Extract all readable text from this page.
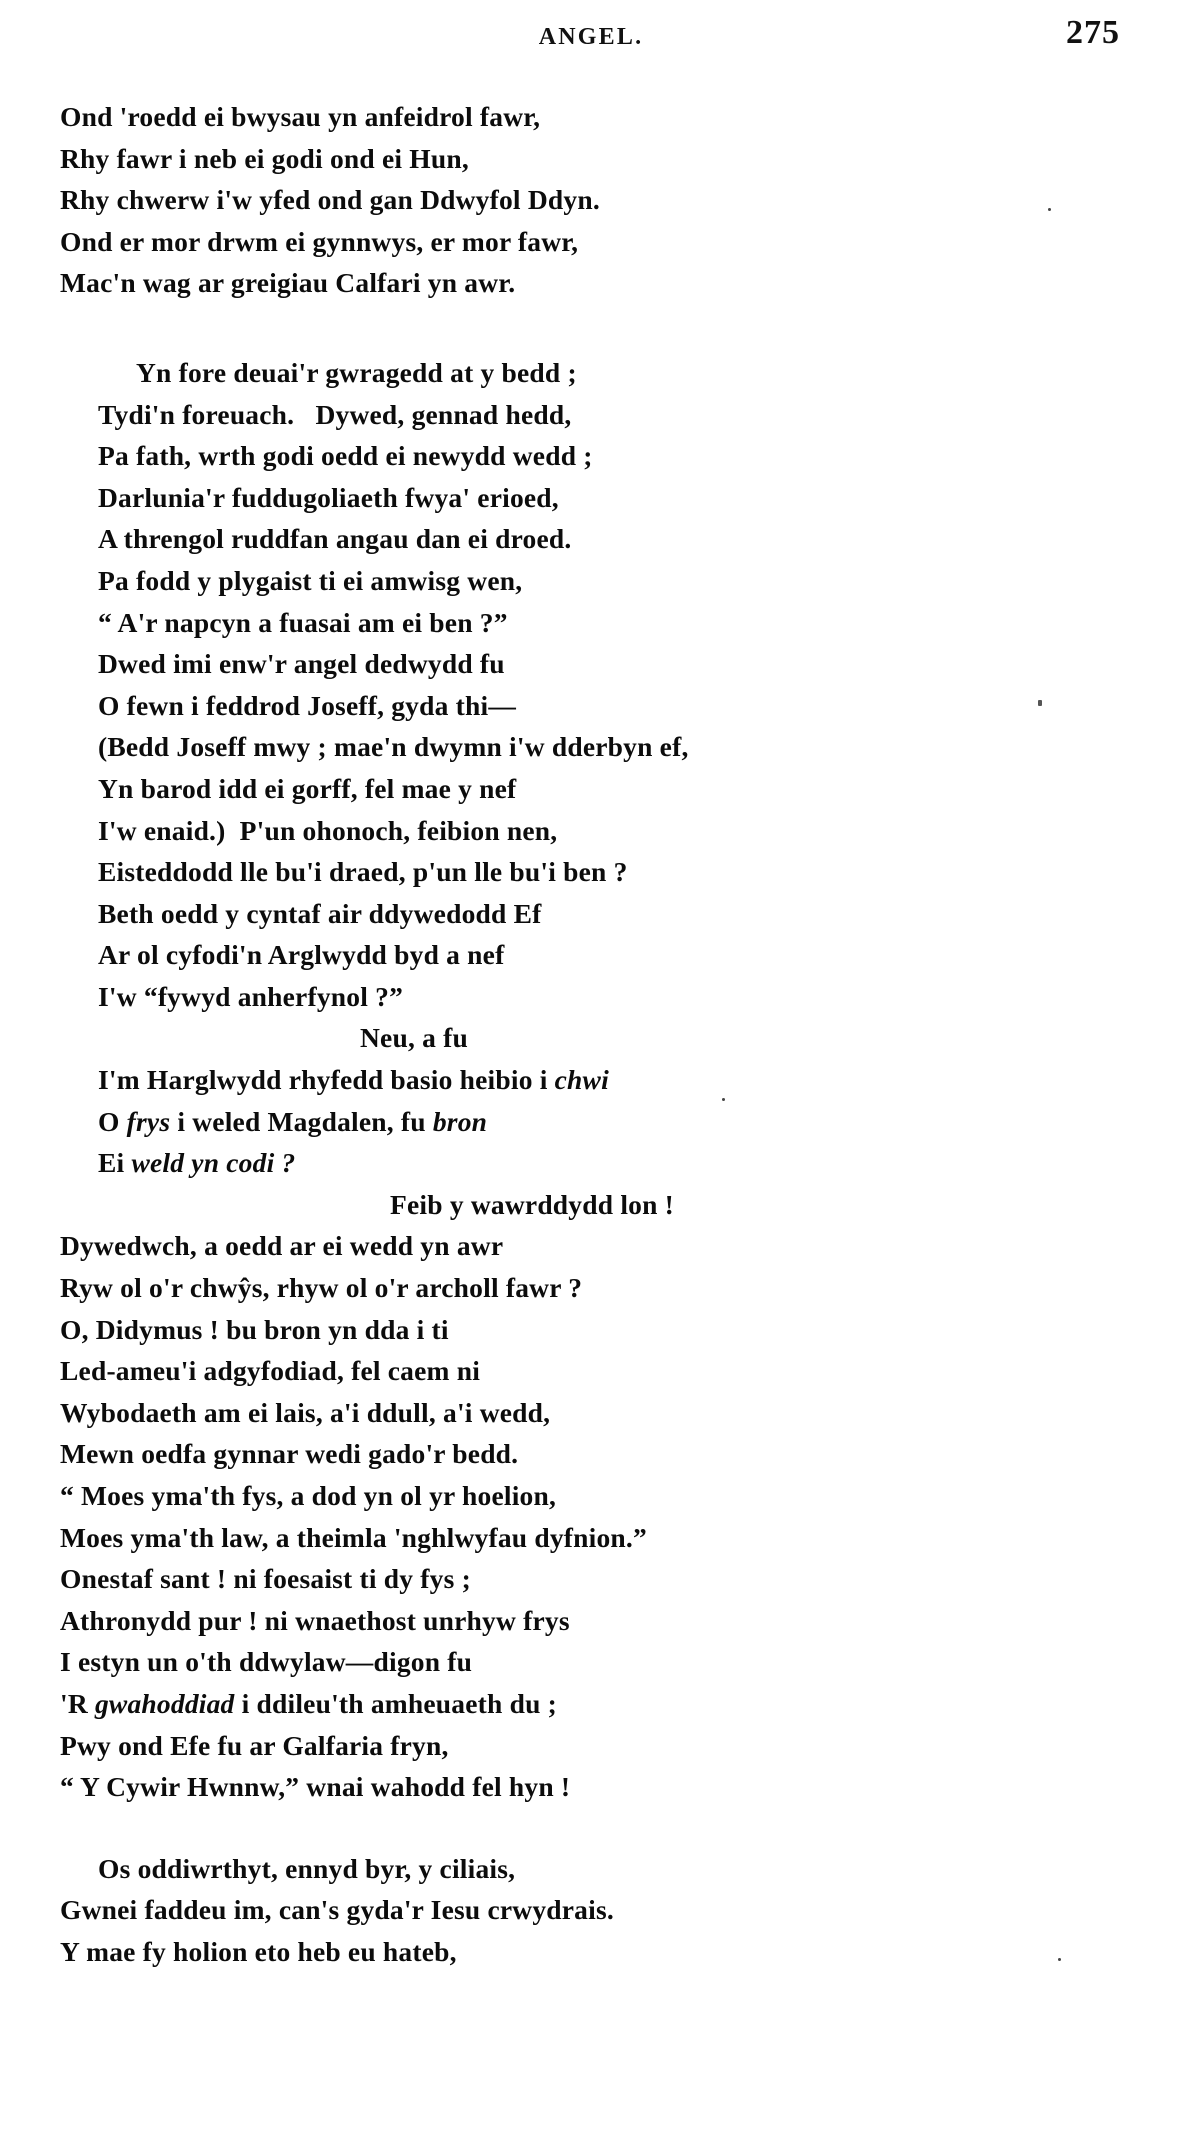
ANGEL.	275
Ond 'roedd ei bwysau yn anfeidrol fawr,
Rhy fawr i neb ei godi ond ei Hun,
Rhy chwerw i'w yfed ond gan Ddwyfol Ddyn.
Ond er mor drwm ei gynnwys, er mor fawr,
Mac'n wag ar greigiau Calfari yn awr.
Yn fore deuai'r gwragedd at y bedd ;
Tydi'n foreuach.   Dywed, gennad hedd,
Pa fath, wrth godi oedd ei newydd wedd ;
Darlunia'r fuddugoliaeth fwya' erioed,
A threngol ruddfan angau dan ei droed.
Pa fodd y plygaist ti ei amwisg wen,
“ A'r napcyn a fuasai am ei ben ?”
Dwed imi enw'r angel dedwydd fu
O fewn i feddrod Joseff, gyda thi—
(Bedd Joseff mwy ; mae'n dwymn i'w dderbyn ef,
Yn barod idd ei gorff, fel mae y nef
I'w enaid.)  P'un ohonoch, feibion nen,
Eisteddodd lle bu'i draed, p'un lle bu'i ben ?
Beth oedd y cyntaf air ddywedodd Ef
Ar ol cyfodi'n Arglwydd byd a nef
I'w “fywyd anherfynol ?”
Neu, a fu
I'm Harglwydd rhyfedd basio heibio i chwi
O frys i weled Magdalen, fu bron
Ei weld yn codi ?
Feib y wawrddydd lon !
Dywedwch, a oedd ar ei wedd yn awr
Ryw ol o'r chwŷs, rhyw ol o'r archoll fawr ?
O, Didymus ! bu bron yn dda i ti
Led-ameu'i adgyfodiad, fel caem ni
Wybodaeth am ei lais, a'i ddull, a'i wedd,
Mewn oedfa gynnar wedi gado'r bedd.
“ Moes yma'th fys, a dod yn ol yr hoelion,
Moes yma'th law, a theimla 'nghlwyfau dyfnion.”
Onestaf sant ! ni foesaist ti dy fys ;
Athronydd pur ! ni wnaethost unrhyw frys
I estyn un o'th ddwylaw—digon fu
'R gwahoddiad i ddileu'th amheuaeth du ;
Pwy ond Efe fu ar Galfaria fryn,
“ Y Cywir Hwnnw,” wnai wahodd fel hyn !
Os oddiwrthyt, ennyd byr, y ciliais,
Gwnei faddeu im, can's gyda'r Iesu crwydrais.
Y mae fy holion eto heb eu hateb,
